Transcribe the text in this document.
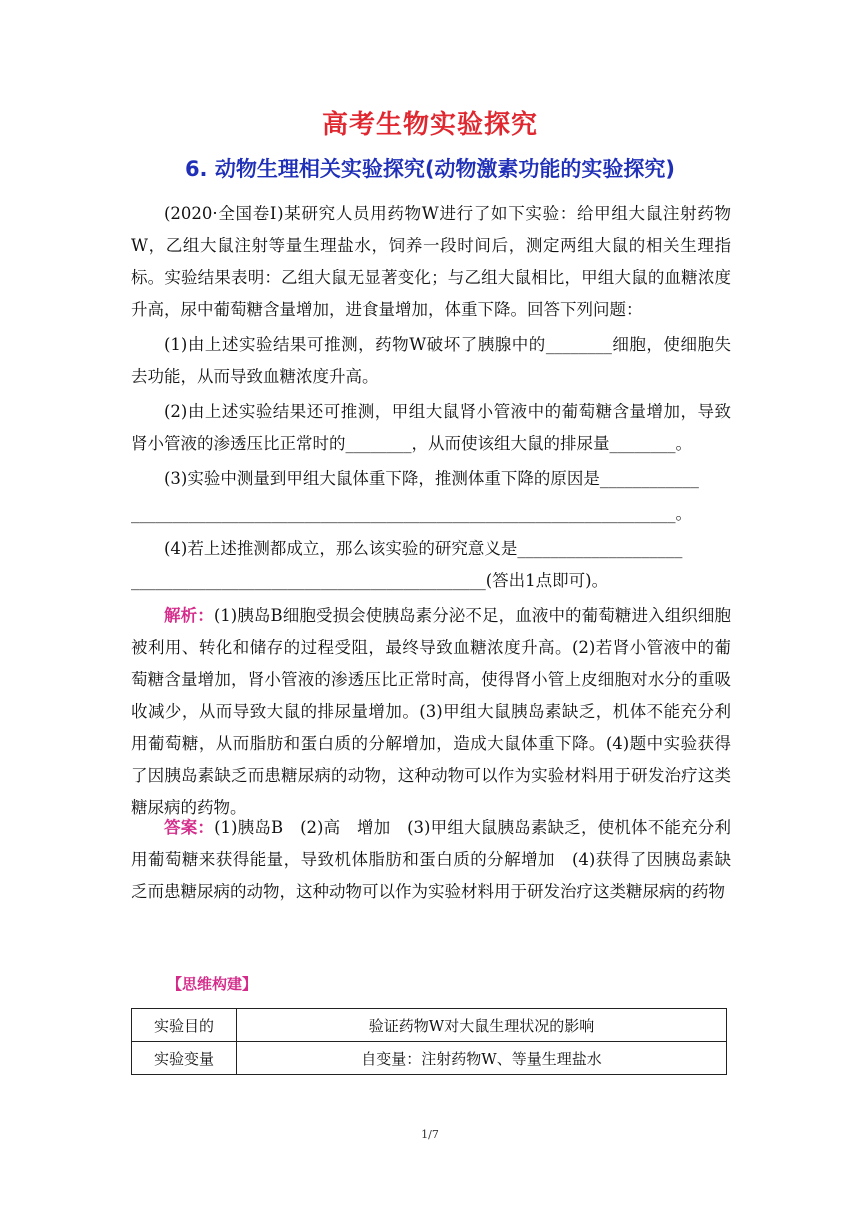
高考生物实验探究
6. 动物生理相关实验探究(动物激素功能的实验探究)

(2020·全国卷Ⅰ)某研究人员用药物W进行了如下实验：给甲组大鼠注射药物W，乙组大鼠注射等量生理盐水，饲养一段时间后，测定两组大鼠的相关生理指标。实验结果表明：乙组大鼠无显著变化；与乙组大鼠相比，甲组大鼠的血糖浓度升高，尿中葡萄糖含量增加，进食量增加，体重下降。回答下列问题：

(1)由上述实验结果可推测，药物W破坏了胰腺中的________细胞，使细胞失去功能，从而导致血糖浓度升高。

(2)由上述实验结果还可推测，甲组大鼠肾小管液中的葡萄糖含量增加，导致肾小管液的渗透压比正常时的________，从而使该组大鼠的排尿量________。

(3)实验中测量到甲组大鼠体重下降，推测体重下降的原因是____________

__________________________________________________________________。

(4)若上述推测都成立，那么该实验的研究意义是____________________

___________________________________________(答出1点即可)。

解析：(1)胰岛B细胞受损会使胰岛素分泌不足，血液中的葡萄糖进入组织细胞被利用、转化和储存的过程受阻，最终导致血糖浓度升高。(2)若肾小管液中的葡萄糖含量增加，肾小管液的渗透压比正常时高，使得肾小管上皮细胞对水分的重吸收减少，从而导致大鼠的排尿量增加。(3)甲组大鼠胰岛素缺乏，机体不能充分利用葡萄糖，从而脂肪和蛋白质的分解增加，造成大鼠体重下降。(4)题中实验获得了因胰岛素缺乏而患糖尿病的动物，这种动物可以作为实验材料用于研发治疗这类糖尿病的药物。

答案：(1)胰岛B　(2)高　增加　(3)甲组大鼠胰岛素缺乏，使机体不能充分利用葡萄糖来获得能量，导致机体脂肪和蛋白质的分解增加　(4)获得了因胰岛素缺乏而患糖尿病的动物，这种动物可以作为实验材料用于研发治疗这类糖尿病的药物

【思维构建】
实验目的	验证药物W对大鼠生理状况的影响
实验变量	自变量：注射药物W、等量生理盐水
1/7
